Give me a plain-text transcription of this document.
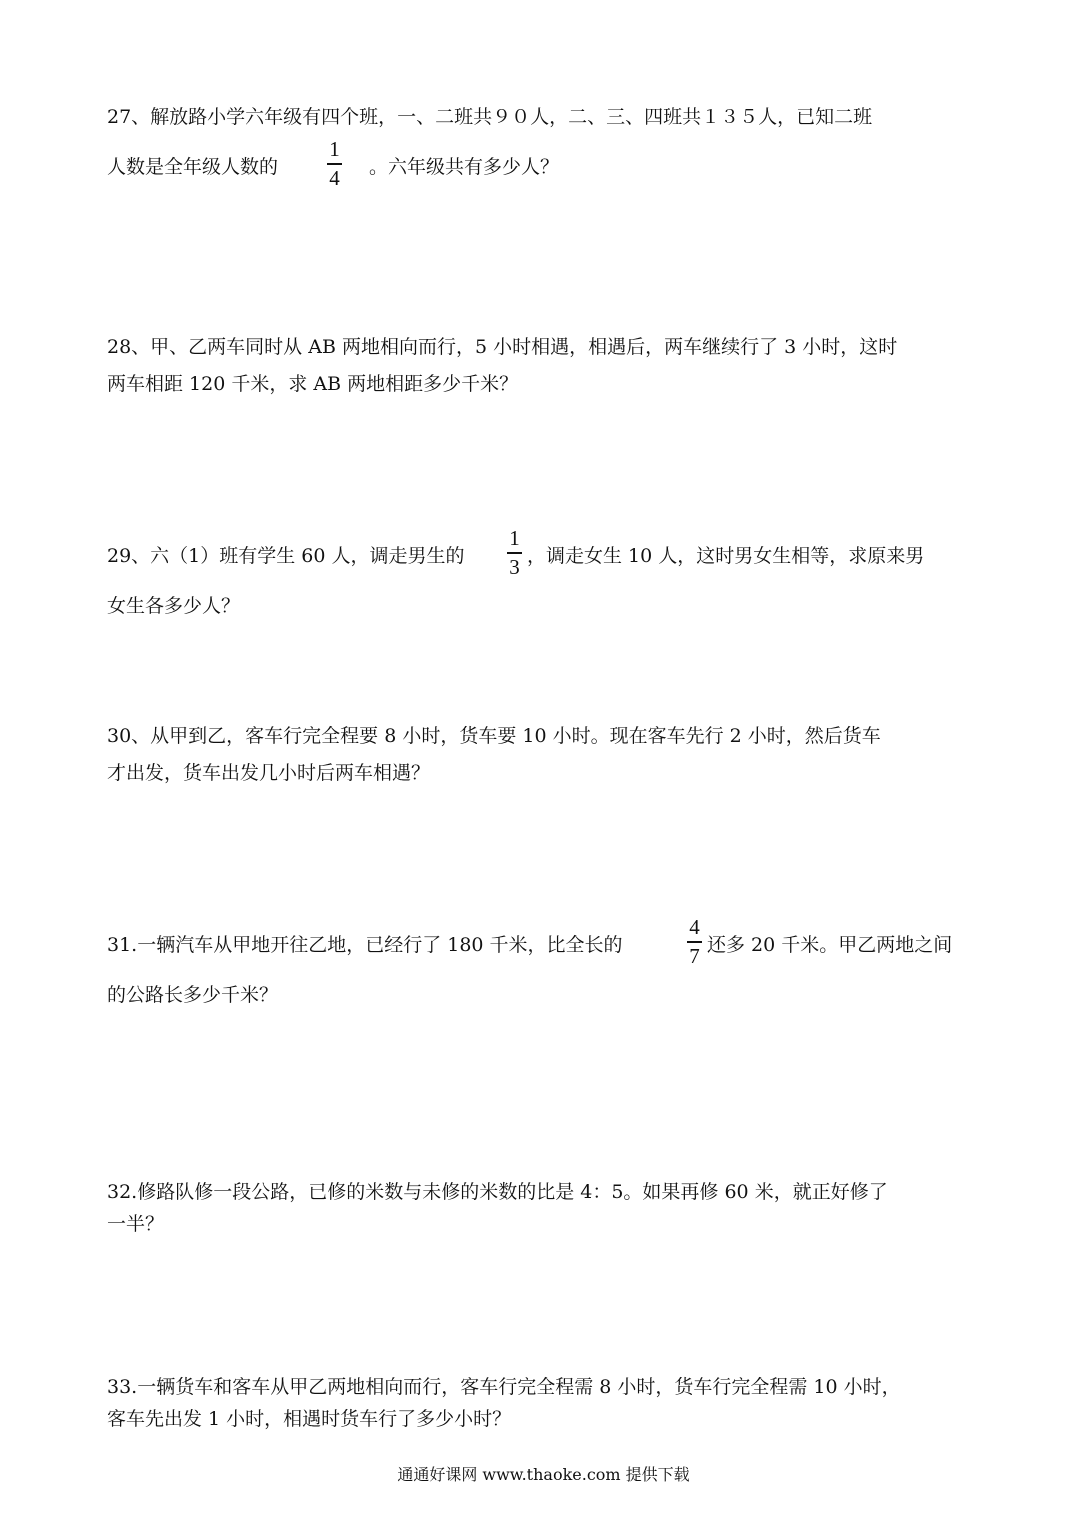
27、解放路小学六年级有四个班，一、二班共９０人，二、三、四班共１３５人，已知二班
人数是全年级人数的
1
4 。六年级共有多少人？
28、甲、乙两车同时从 AB 两地相向而行，5 小时相遇，相遇后，两车继续行了 3 小时，这时
两车相距 120 千米，求 AB 两地相距多少千米？
29、六（1）班有学生 60 人，调走男生的
1
3 ，调走女生 10 人，这时男女生相等，求原来男
女生各多少人？
30、从甲到乙，客车行完全程要 8 小时，货车要 10 小时。现在客车先行 2 小时，然后货车
才出发，货车出发几小时后两车相遇？
31.一辆汽车从甲地开往乙地，已经行了 180 千米，比全长的
4
7 还多 20 千米。甲乙两地之间
的公路长多少千米？
32.修路队修一段公路，已修的米数与未修的米数的比是 4：5。如果再修 60 米，就正好修了
一半？
33.一辆货车和客车从甲乙两地相向而行，客车行完全程需 8 小时，货车行完全程需 10 小时，
客车先出发 1 小时，相遇时货车行了多少小时？
通通好课网 www.thaoke.com 提供下载
